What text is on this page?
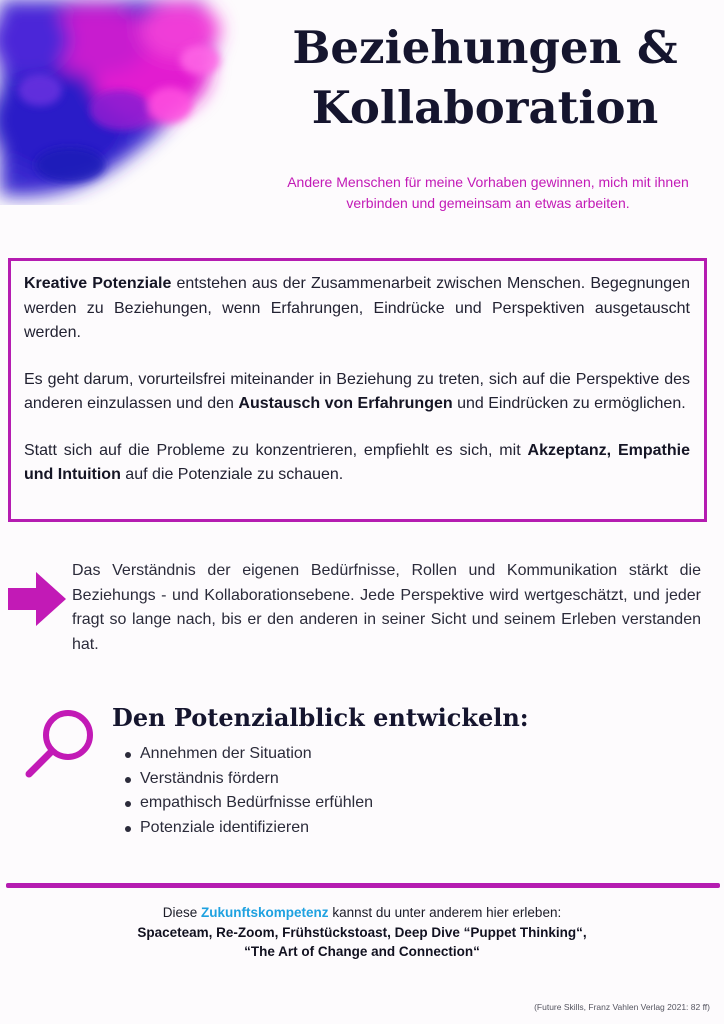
Beziehungen &
Kollaboration

Andere Menschen für meine Vorhaben gewinnen, mich mit ihnen verbinden und gemeinsam an etwas arbeiten.

Kreative Potenziale entstehen aus der Zusammenarbeit zwischen Menschen. Begegnungen werden zu Beziehungen, wenn Erfahrungen, Eindrücke und Perspektiven ausgetauscht werden.

Es geht darum, vorurteilsfrei miteinander in Beziehung zu treten, sich auf die Perspektive des anderen einzulassen und den Austausch von Erfahrungen und Eindrücken zu ermöglichen.

Statt sich auf die Probleme zu konzentrieren, empfiehlt es sich, mit Akzeptanz, Empathie und Intuition auf die Potenziale zu schauen.

Das Verständnis der eigenen Bedürfnisse, Rollen und Kommunikation stärkt die Beziehungs - und Kollaborationsebene. Jede Perspektive wird wertgeschätzt, und jeder fragt so lange nach, bis er den anderen in seiner Sicht und seinem Erleben verstanden hat.

Den Potenzialblick entwickeln:
Annehmen der Situation
Verständnis fördern
empathisch Bedürfnisse erfühlen
Potenziale identifizieren

Diese Zukunftskompetenz kannst du unter anderem hier erleben:

Spaceteam, Re-Zoom, Frühstückstoast, Deep Dive “Puppet Thinking“,

“The Art of Change and Connection“

(Future Skills, Franz Vahlen Verlag 2021: 82 ff)
